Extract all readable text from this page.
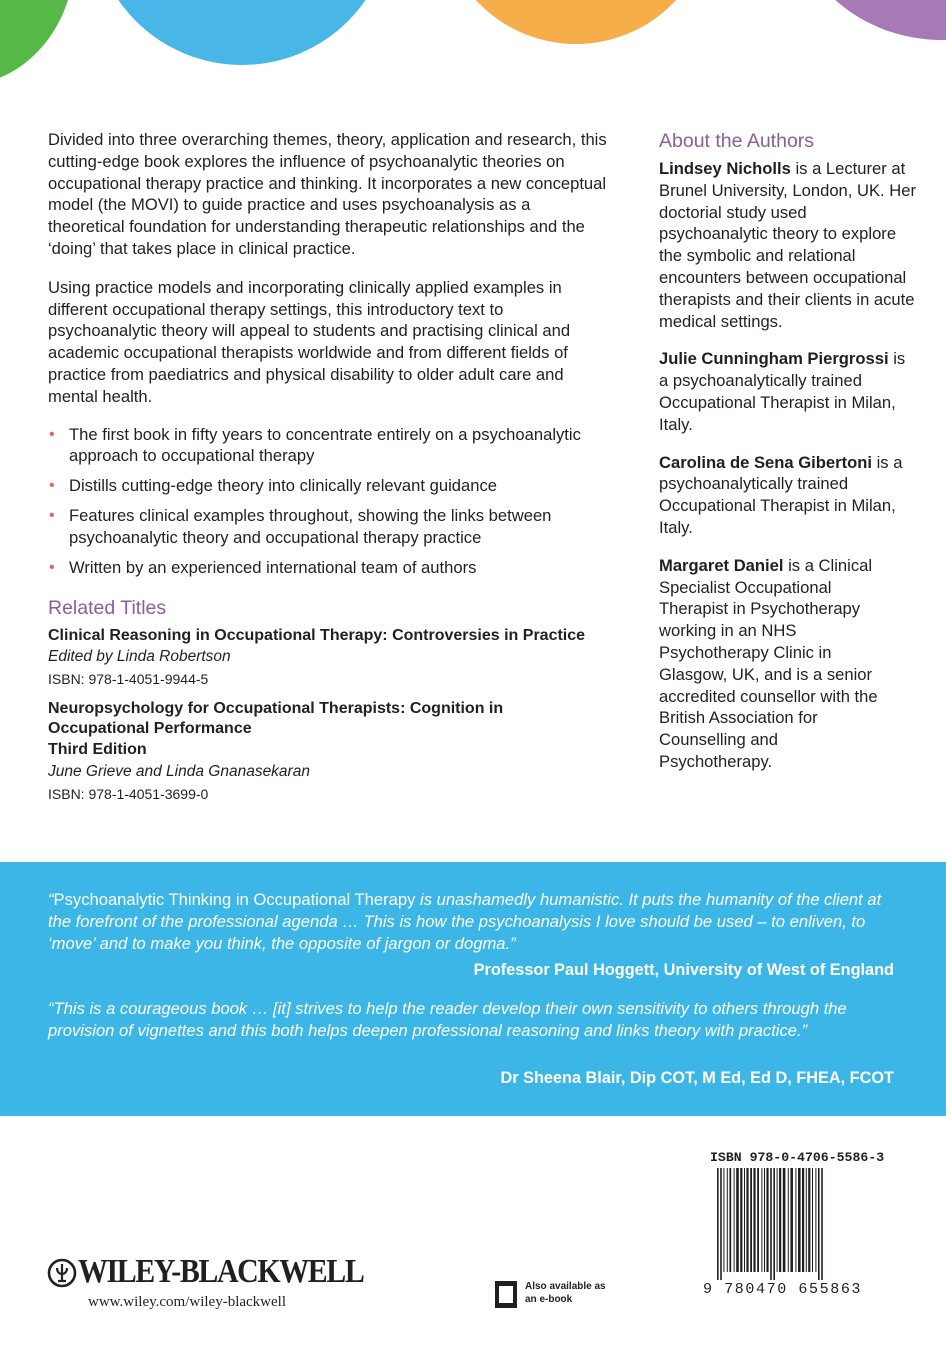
Divided into three overarching themes, theory, application and research, this cutting-edge book explores the influence of psychoanalytic theories on occupational therapy practice and thinking. It incorporates a new conceptual model (the MOVI) to guide practice and uses psychoanalysis as a theoretical foundation for understanding therapeutic relationships and the ‘doing’ that takes place in clinical practice.

Using practice models and incorporating clinically applied examples in different occupational therapy settings, this introductory text to psychoanalytic theory will appeal to students and practising clinical and academic occupational therapists worldwide and from different fields of practice from paediatrics and physical disability to older adult care and mental health.

• The first book in fifty years to concentrate entirely on a psychoanalytic approach to occupational therapy
• Distills cutting-edge theory into clinically relevant guidance
• Features clinical examples throughout, showing the links between psychoanalytic theory and occupational therapy practice
• Written by an experienced international team of authors
Related Titles
Clinical Reasoning in Occupational Therapy: Controversies in Practice
Edited by Linda Robertson
ISBN: 978-1-4051-9944-5
Neuropsychology for Occupational Therapists: Cognition in Occupational Performance
Third Edition
June Grieve and Linda Gnanasekaran
ISBN: 978-1-4051-3699-0
About the Authors
Lindsey Nicholls is a Lecturer at Brunel University, London, UK. Her doctorial study used psychoanalytic theory to explore the symbolic and relational encounters between occupational therapists and their clients in acute medical settings.
Julie Cunningham Piergrossi is a psychoanalytically trained Occupational Therapist in Milan, Italy.
Carolina de Sena Gibertoni is a psychoanalytically trained Occupational Therapist in Milan, Italy.
Margaret Daniel is a Clinical Specialist Occupational Therapist in Psychotherapy working in an NHS Psychotherapy Clinic in Glasgow, UK, and is a senior accredited counsellor with the British Association for Counselling and Psychotherapy.
“Psychoanalytic Thinking in Occupational Therapy is unashamedly humanistic. It puts the humanity of the client at the forefront of the professional agenda … This is how the psychoanalysis I love should be used – to enliven, to ‘move’ and to make you think, the opposite of jargon or dogma.”
Professor Paul Hoggett, University of West of England
“This is a courageous book … [it] strives to help the reader develop their own sensitivity to others through the provision of vignettes and this both helps deepen professional reasoning and links theory with practice.”
Dr Sheena Blair, Dip COT, M Ed, Ed D, FHEA, FCOT
WILEY-BLACKWELL
www.wiley.com/wiley-blackwell
Also available as an e-book
ISBN 978-0-4706-5586-3
9 780470 655863
